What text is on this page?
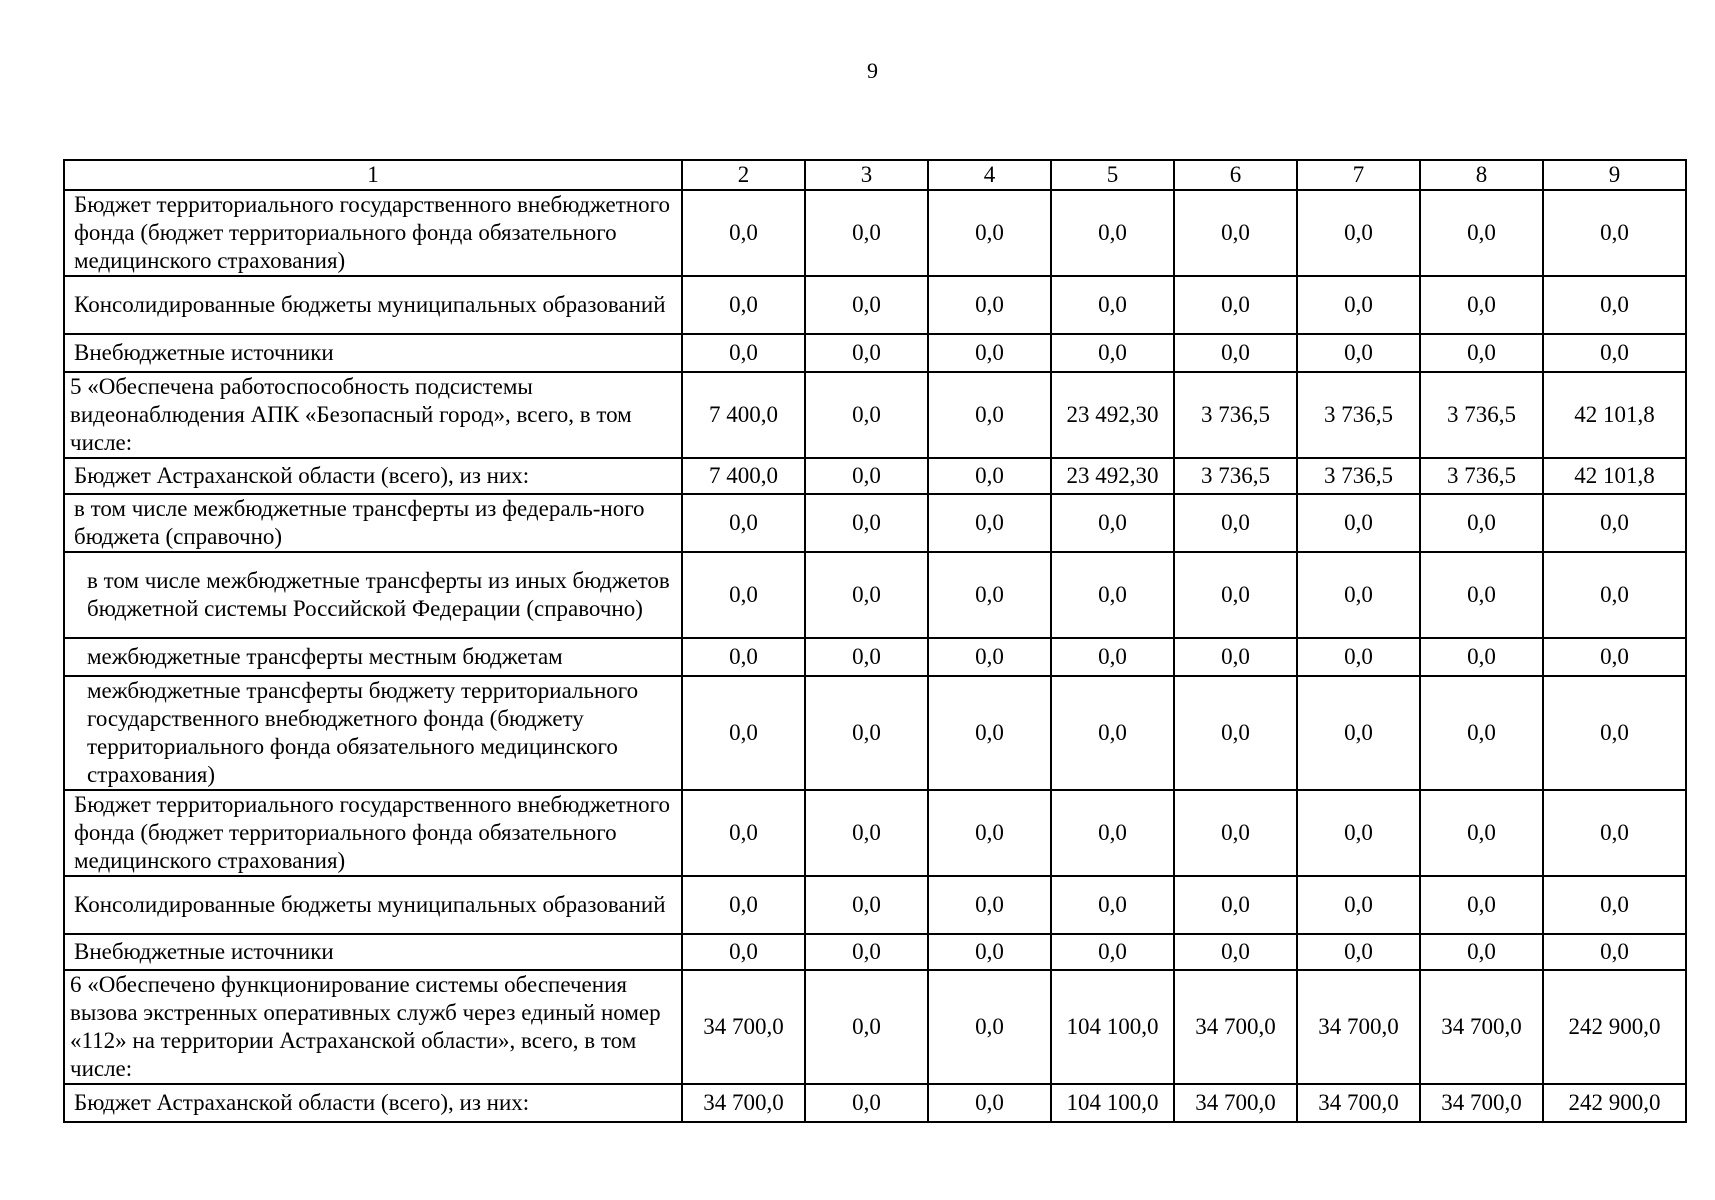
9
1	2	3	4	5	6	7	8	9
Бюджет территориального государственного внебюджетного фонда (бюджет территориального фонда обязательного медицинского страхования)	0,0	0,0	0,0	0,0	0,0	0,0	0,0	0,0
Консолидированные бюджеты муниципальных образований	0,0	0,0	0,0	0,0	0,0	0,0	0,0	0,0
Внебюджетные источники	0,0	0,0	0,0	0,0	0,0	0,0	0,0	0,0
5 «Обеспечена работоспособность подсистемы видеонаблюдения АПК «Безопасный город», всего, в том числе:	7 400,0	0,0	0,0	23 492,30	3 736,5	3 736,5	3 736,5	42 101,8
Бюджет Астраханской области (всего), из них:	7 400,0	0,0	0,0	23 492,30	3 736,5	3 736,5	3 736,5	42 101,8
в том числе межбюджетные трансферты из федераль-ного бюджета (справочно)	0,0	0,0	0,0	0,0	0,0	0,0	0,0	0,0
в том числе межбюджетные трансферты из иных бюджетов бюджетной системы Российской Федерации (справочно)	0,0	0,0	0,0	0,0	0,0	0,0	0,0	0,0
межбюджетные трансферты местным бюджетам	0,0	0,0	0,0	0,0	0,0	0,0	0,0	0,0
межбюджетные трансферты бюджету территориального государственного внебюджетного фонда (бюджету территориального фонда обязательного медицинского страхования)	0,0	0,0	0,0	0,0	0,0	0,0	0,0	0,0
Бюджет территориального государственного внебюджетного фонда (бюджет территориального фонда обязательного медицинского страхования)	0,0	0,0	0,0	0,0	0,0	0,0	0,0	0,0
Консолидированные бюджеты муниципальных образований	0,0	0,0	0,0	0,0	0,0	0,0	0,0	0,0
Внебюджетные источники	0,0	0,0	0,0	0,0	0,0	0,0	0,0	0,0
6 «Обеспечено функционирование системы обеспечения вызова экстренных оперативных служб через единый номер «112» на территории Астраханской области», всего, в том числе:	34 700,0	0,0	0,0	104 100,0	34 700,0	34 700,0	34 700,0	242 900,0
Бюджет Астраханской области (всего), из них:	34 700,0	0,0	0,0	104 100,0	34 700,0	34 700,0	34 700,0	242 900,0
